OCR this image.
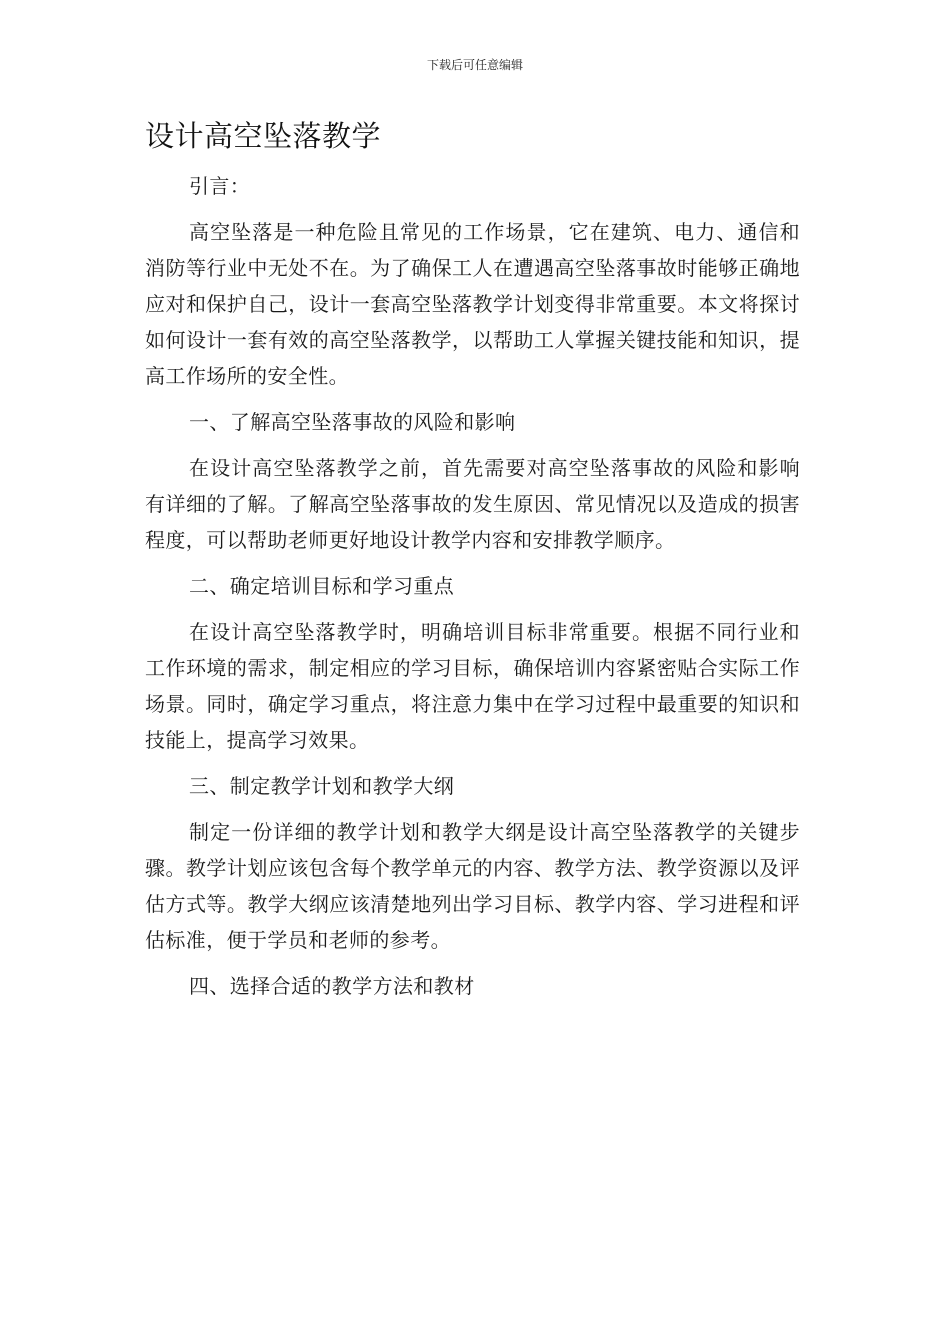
下载后可任意编辑
设计高空坠落教学

引言：

高空坠落是一种危险且常见的工作场景，它在建筑、电力、通信和消防等行业中无处不在。为了确保工人在遭遇高空坠落事故时能够正确地应对和保护自己，设计一套高空坠落教学计划变得非常重要。本文将探讨如何设计一套有效的高空坠落教学，以帮助工人掌握关键技能和知识，提高工作场所的安全性。

一、了解高空坠落事故的风险和影响

在设计高空坠落教学之前，首先需要对高空坠落事故的风险和影响有详细的了解。了解高空坠落事故的发生原因、常见情况以及造成的损害程度，可以帮助老师更好地设计教学内容和安排教学顺序。

二、确定培训目标和学习重点

在设计高空坠落教学时，明确培训目标非常重要。根据不同行业和工作环境的需求，制定相应的学习目标，确保培训内容紧密贴合实际工作场景。同时，确定学习重点，将注意力集中在学习过程中最重要的知识和技能上，提高学习效果。

三、制定教学计划和教学大纲

制定一份详细的教学计划和教学大纲是设计高空坠落教学的关键步骤。教学计划应该包含每个教学单元的内容、教学方法、教学资源以及评估方式等。教学大纲应该清楚地列出学习目标、教学内容、学习进程和评估标准，便于学员和老师的参考。

四、选择合适的教学方法和教材
